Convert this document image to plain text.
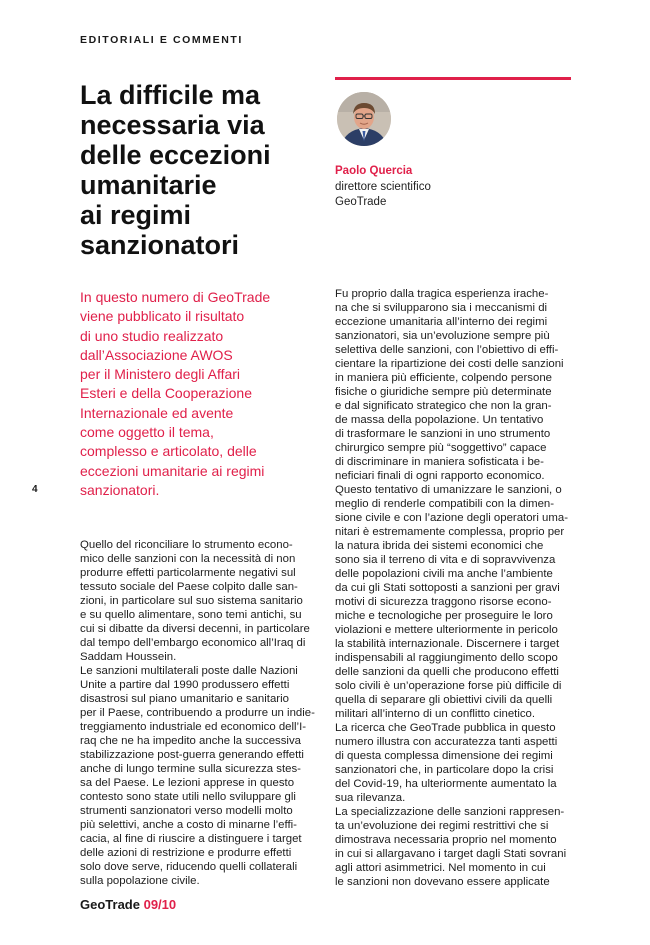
EDITORIALI E COMMENTI
La difficile ma
necessaria via
delle eccezioni
umanitarie
ai regimi
sanzionatori
Paolo Quercia
direttore scientifico
GeoTrade
In questo numero di GeoTrade
viene pubblicato il risultato
di uno studio realizzato
dall’Associazione AWOS
per il Ministero degli Affari
Esteri e della Cooperazione
Internazionale ed avente
come oggetto il tema,
complesso e articolato, delle
eccezioni umanitarie ai regimi
sanzionatori.
4
Quello del riconciliare lo strumento econo-
mico delle sanzioni con la necessità di non
produrre effetti particolarmente negativi sul
tessuto sociale del Paese colpito dalle san-
zioni, in particolare sul suo sistema sanitario
e su quello alimentare, sono temi antichi, su
cui si dibatte da diversi decenni, in particolare
dal tempo dell’embargo economico all’Iraq di
Saddam Houssein.
Le sanzioni multilaterali poste dalle Nazioni
Unite a partire dal 1990 produssero effetti
disastrosi sul piano umanitario e sanitario
per il Paese, contribuendo a produrre un indie-
treggiamento industriale ed economico dell’I-
raq che ne ha impedito anche la successiva
stabilizzazione post-guerra generando effetti
anche di lungo termine sulla sicurezza stes-
sa del Paese. Le lezioni apprese in questo
contesto sono state utili nello sviluppare gli
strumenti sanzionatori verso modelli molto
più selettivi, anche a costo di minarne l’effi-
cacia, al fine di riuscire a distinguere i target
delle azioni di restrizione e produrre effetti
solo dove serve, riducendo quelli collaterali
sulla popolazione civile.
Fu proprio dalla tragica esperienza irache-
na che si svilupparono sia i meccanismi di
eccezione umanitaria all’interno dei regimi
sanzionatori, sia un’evoluzione sempre più
selettiva delle sanzioni, con l’obiettivo di effi-
cientare la ripartizione dei costi delle sanzioni
in maniera più efficiente, colpendo persone
fisiche o giuridiche sempre più determinate
e dal significato strategico che non la gran-
de massa della popolazione. Un tentativo
di trasformare le sanzioni in uno strumento
chirurgico sempre più “soggettivo” capace
di discriminare in maniera sofisticata i be-
neficiari finali di ogni rapporto economico.
Questo tentativo di umanizzare le sanzioni, o
meglio di renderle compatibili con la dimen-
sione civile e con l’azione degli operatori uma-
nitari è estremamente complessa, proprio per
la natura ibrida dei sistemi economici che
sono sia il terreno di vita e di sopravvivenza
delle popolazioni civili ma anche l’ambiente
da cui gli Stati sottoposti a sanzioni per gravi
motivi di sicurezza traggono risorse econo-
miche e tecnologiche per proseguire le loro
violazioni e mettere ulteriormente in pericolo
la stabilità internazionale. Discernere i target
indispensabili al raggiungimento dello scopo
delle sanzioni da quelli che producono effetti
solo civili è un’operazione forse più difficile di
quella di separare gli obiettivi civili da quelli
militari all’interno di un conflitto cinetico.
La ricerca che GeoTrade pubblica in questo
numero illustra con accuratezza tanti aspetti
di questa complessa dimensione dei regimi
sanzionatori che, in particolare dopo la crisi
del Covid-19, ha ulteriormente aumentato la
sua rilevanza.
La specializzazione delle sanzioni rappresen-
ta un’evoluzione dei regimi restrittivi che si
dimostrava necessaria proprio nel momento
in cui si allargavano i target dagli Stati sovrani
agli attori asimmetrici. Nel momento in cui
le sanzioni non dovevano essere applicate
GeoTrade 09/10
